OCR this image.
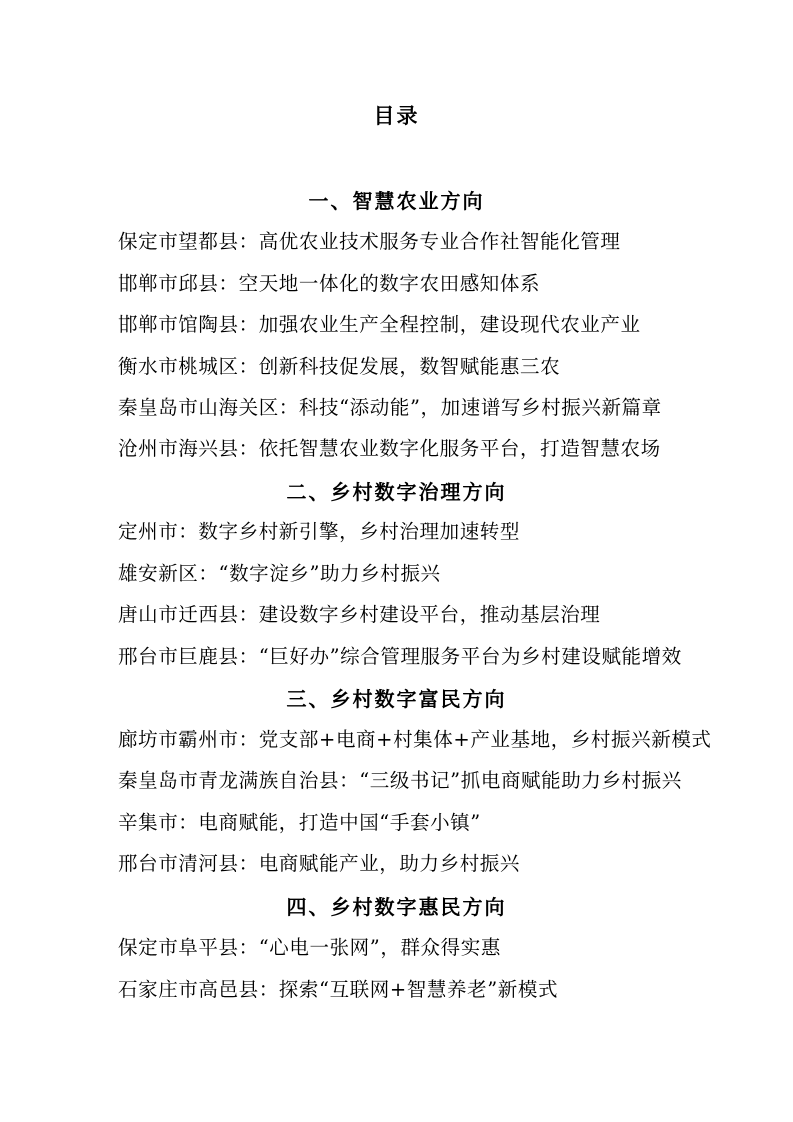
目录
一、智慧农业方向

保定市望都县：高优农业技术服务专业合作社智能化管理

邯郸市邱县：空天地一体化的数字农田感知体系

邯郸市馆陶县：加强农业生产全程控制，建设现代农业产业

衡水市桃城区：创新科技促发展，数智赋能惠三农

秦皇岛市山海关区：科技“添动能”，加速谱写乡村振兴新篇章

沧州市海兴县：依托智慧农业数字化服务平台，打造智慧农场

二、乡村数字治理方向

定州市：数字乡村新引擎，乡村治理加速转型

雄安新区：“数字淀乡”助力乡村振兴

唐山市迁西县：建设数字乡村建设平台，推动基层治理

邢台市巨鹿县：“巨好办”综合管理服务平台为乡村建设赋能增效

三、乡村数字富民方向

廊坊市霸州市：党支部+电商+村集体+产业基地，乡村振兴新模式

秦皇岛市青龙满族自治县：“三级书记”抓电商赋能助力乡村振兴

辛集市：电商赋能，打造中国“手套小镇”

邢台市清河县：电商赋能产业，助力乡村振兴

四、乡村数字惠民方向

保定市阜平县：“心电一张网”，群众得实惠

石家庄市高邑县：探索“互联网+智慧养老”新模式
